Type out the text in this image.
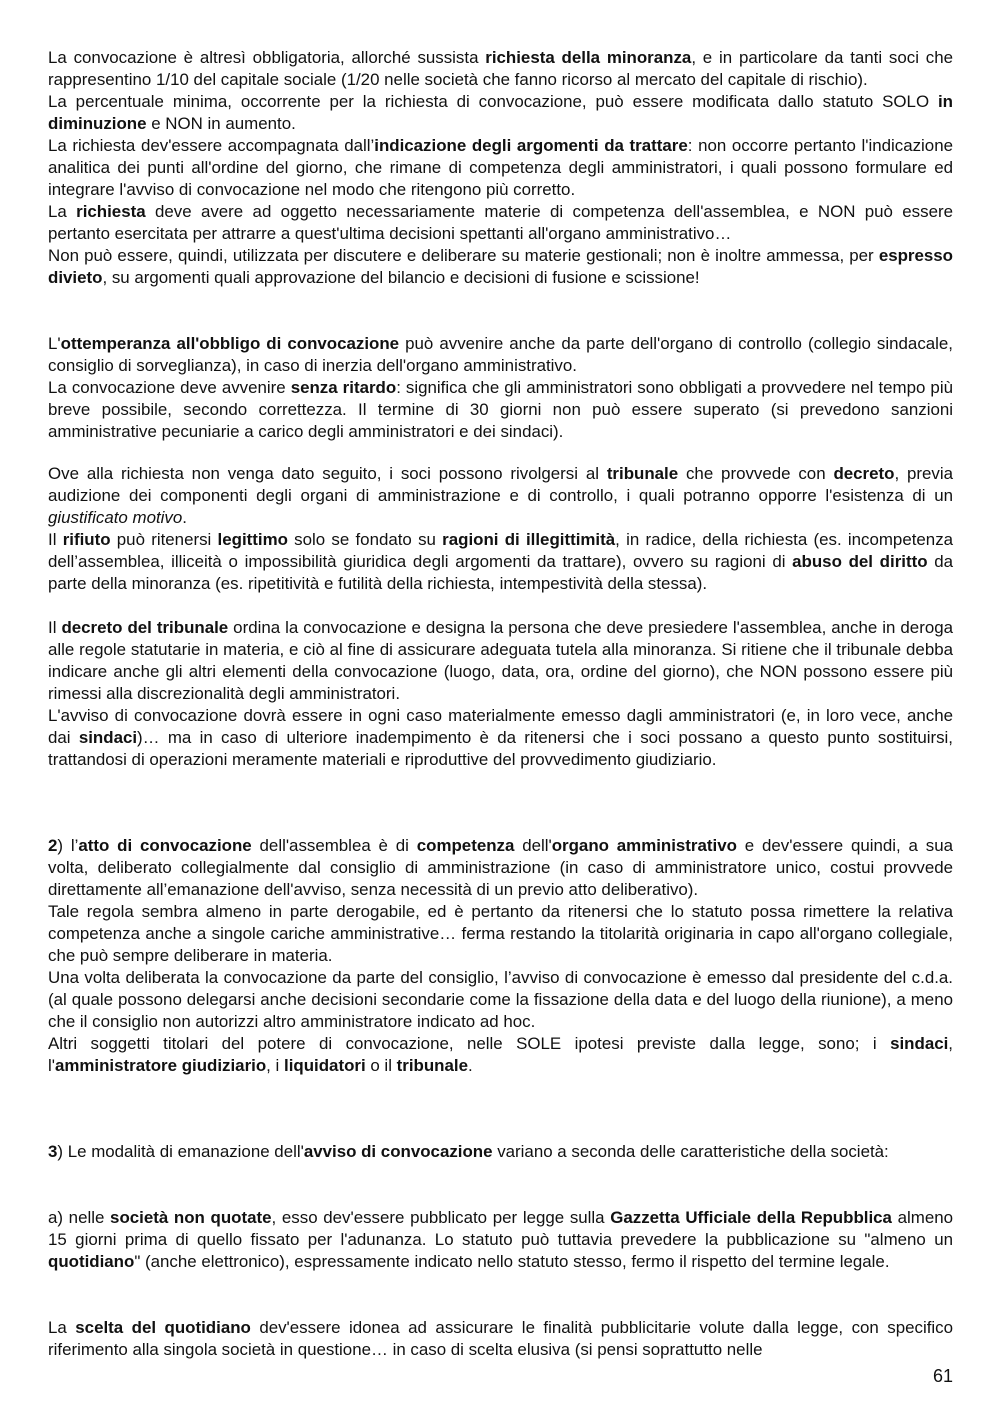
La convocazione è altresì obbligatoria, allorché sussista richiesta della minoranza, e in particolare da tanti soci che rappresentino 1/10 del capitale sociale (1/20 nelle società che fanno ricorso al mercato del capitale di rischio).
La percentuale minima, occorrente per la richiesta di convocazione, può essere modificata dallo statuto SOLO in diminuzione e NON in aumento.
La richiesta dev'essere accompagnata dall’indicazione degli argomenti da trattare: non occorre pertanto l'indicazione analitica dei punti all'ordine del giorno, che rimane di competenza degli amministratori, i quali possono formulare ed integrare l'avviso di convocazione nel modo che ritengono più corretto.
La richiesta deve avere ad oggetto necessariamente materie di competenza dell'assemblea, e NON può essere pertanto esercitata per attrarre a quest'ultima decisioni spettanti all'organo amministrativo…
Non può essere, quindi, utilizzata per discutere e deliberare su materie gestionali; non è inoltre ammessa, per espresso divieto, su argomenti quali approvazione del bilancio e decisioni di fusione e scissione!
L'ottemperanza all'obbligo di convocazione può avvenire anche da parte dell'organo di controllo (collegio sindacale, consiglio di sorveglianza), in caso di inerzia dell'organo amministrativo.
La convocazione deve avvenire senza ritardo: significa che gli amministratori sono obbligati a provvedere nel tempo più breve possibile, secondo correttezza. Il termine di 30 giorni non può essere superato (si prevedono sanzioni amministrative pecuniarie a carico degli amministratori e dei sindaci).
Ove alla richiesta non venga dato seguito, i soci possono rivolgersi al tribunale che provvede con decreto, previa audizione dei componenti degli organi di amministrazione e di controllo, i quali potranno opporre l'esistenza di un giustificato motivo.
Il rifiuto può ritenersi legittimo solo se fondato su ragioni di illegittimità, in radice, della richiesta (es. incompetenza dell’assemblea, illiceità o impossibilità giuridica degli argomenti da trattare), ovvero su ragioni di abuso del diritto da parte della minoranza (es. ripetitività e futilità della richiesta, intempestività della stessa).
Il decreto del tribunale ordina la convocazione e designa la persona che deve presiedere l'assemblea, anche in deroga alle regole statutarie in materia, e ciò al fine di assicurare adeguata tutela alla minoranza. Si ritiene che il tribunale debba indicare anche gli altri elementi della convocazione (luogo, data, ora, ordine del giorno), che NON possono essere più rimessi alla discrezionalità degli amministratori.
L'avviso di convocazione dovrà essere in ogni caso materialmente emesso dagli amministratori (e, in loro vece, anche dai sindaci)… ma in caso di ulteriore inadempimento è da ritenersi che i soci possano a questo punto sostituirsi, trattandosi di operazioni meramente materiali e riproduttive del provvedimento giudiziario.
2) l’atto di convocazione dell'assemblea è di competenza dell'organo amministrativo e dev'essere quindi, a sua volta, deliberato collegialmente dal consiglio di amministrazione (in caso di amministratore unico, costui provvede direttamente all’emanazione dell'avviso, senza necessità di un previo atto deliberativo).
Tale regola sembra almeno in parte derogabile, ed è pertanto da ritenersi che lo statuto possa rimettere la relativa competenza anche a singole cariche amministrative… ferma restando la titolarità originaria in capo all'organo collegiale, che può sempre deliberare in materia.
Una volta deliberata la convocazione da parte del consiglio, l’avviso di convocazione è emesso dal presidente del c.d.a. (al quale possono delegarsi anche decisioni secondarie come la fissazione della data e del luogo della riunione), a meno che il consiglio non autorizzi altro amministratore indicato ad hoc.
Altri soggetti titolari del potere di convocazione, nelle SOLE ipotesi previste dalla legge, sono; i sindaci, l'amministratore giudiziario, i liquidatori o il tribunale.
3) Le modalità di emanazione dell'avviso di convocazione variano a seconda delle caratteristiche della società:
a) nelle società non quotate, esso dev'essere pubblicato per legge sulla Gazzetta Ufficiale della Repubblica almeno 15 giorni prima di quello fissato per l'adunanza. Lo statuto può tuttavia prevedere la pubblicazione su "almeno un quotidiano" (anche elettronico), espressamente indicato nello statuto stesso, fermo il rispetto del termine legale.
La scelta del quotidiano dev'essere idonea ad assicurare le finalità pubblicitarie volute dalla legge, con specifico riferimento alla singola società in questione… in caso di scelta elusiva (si pensi soprattutto nelle
61
